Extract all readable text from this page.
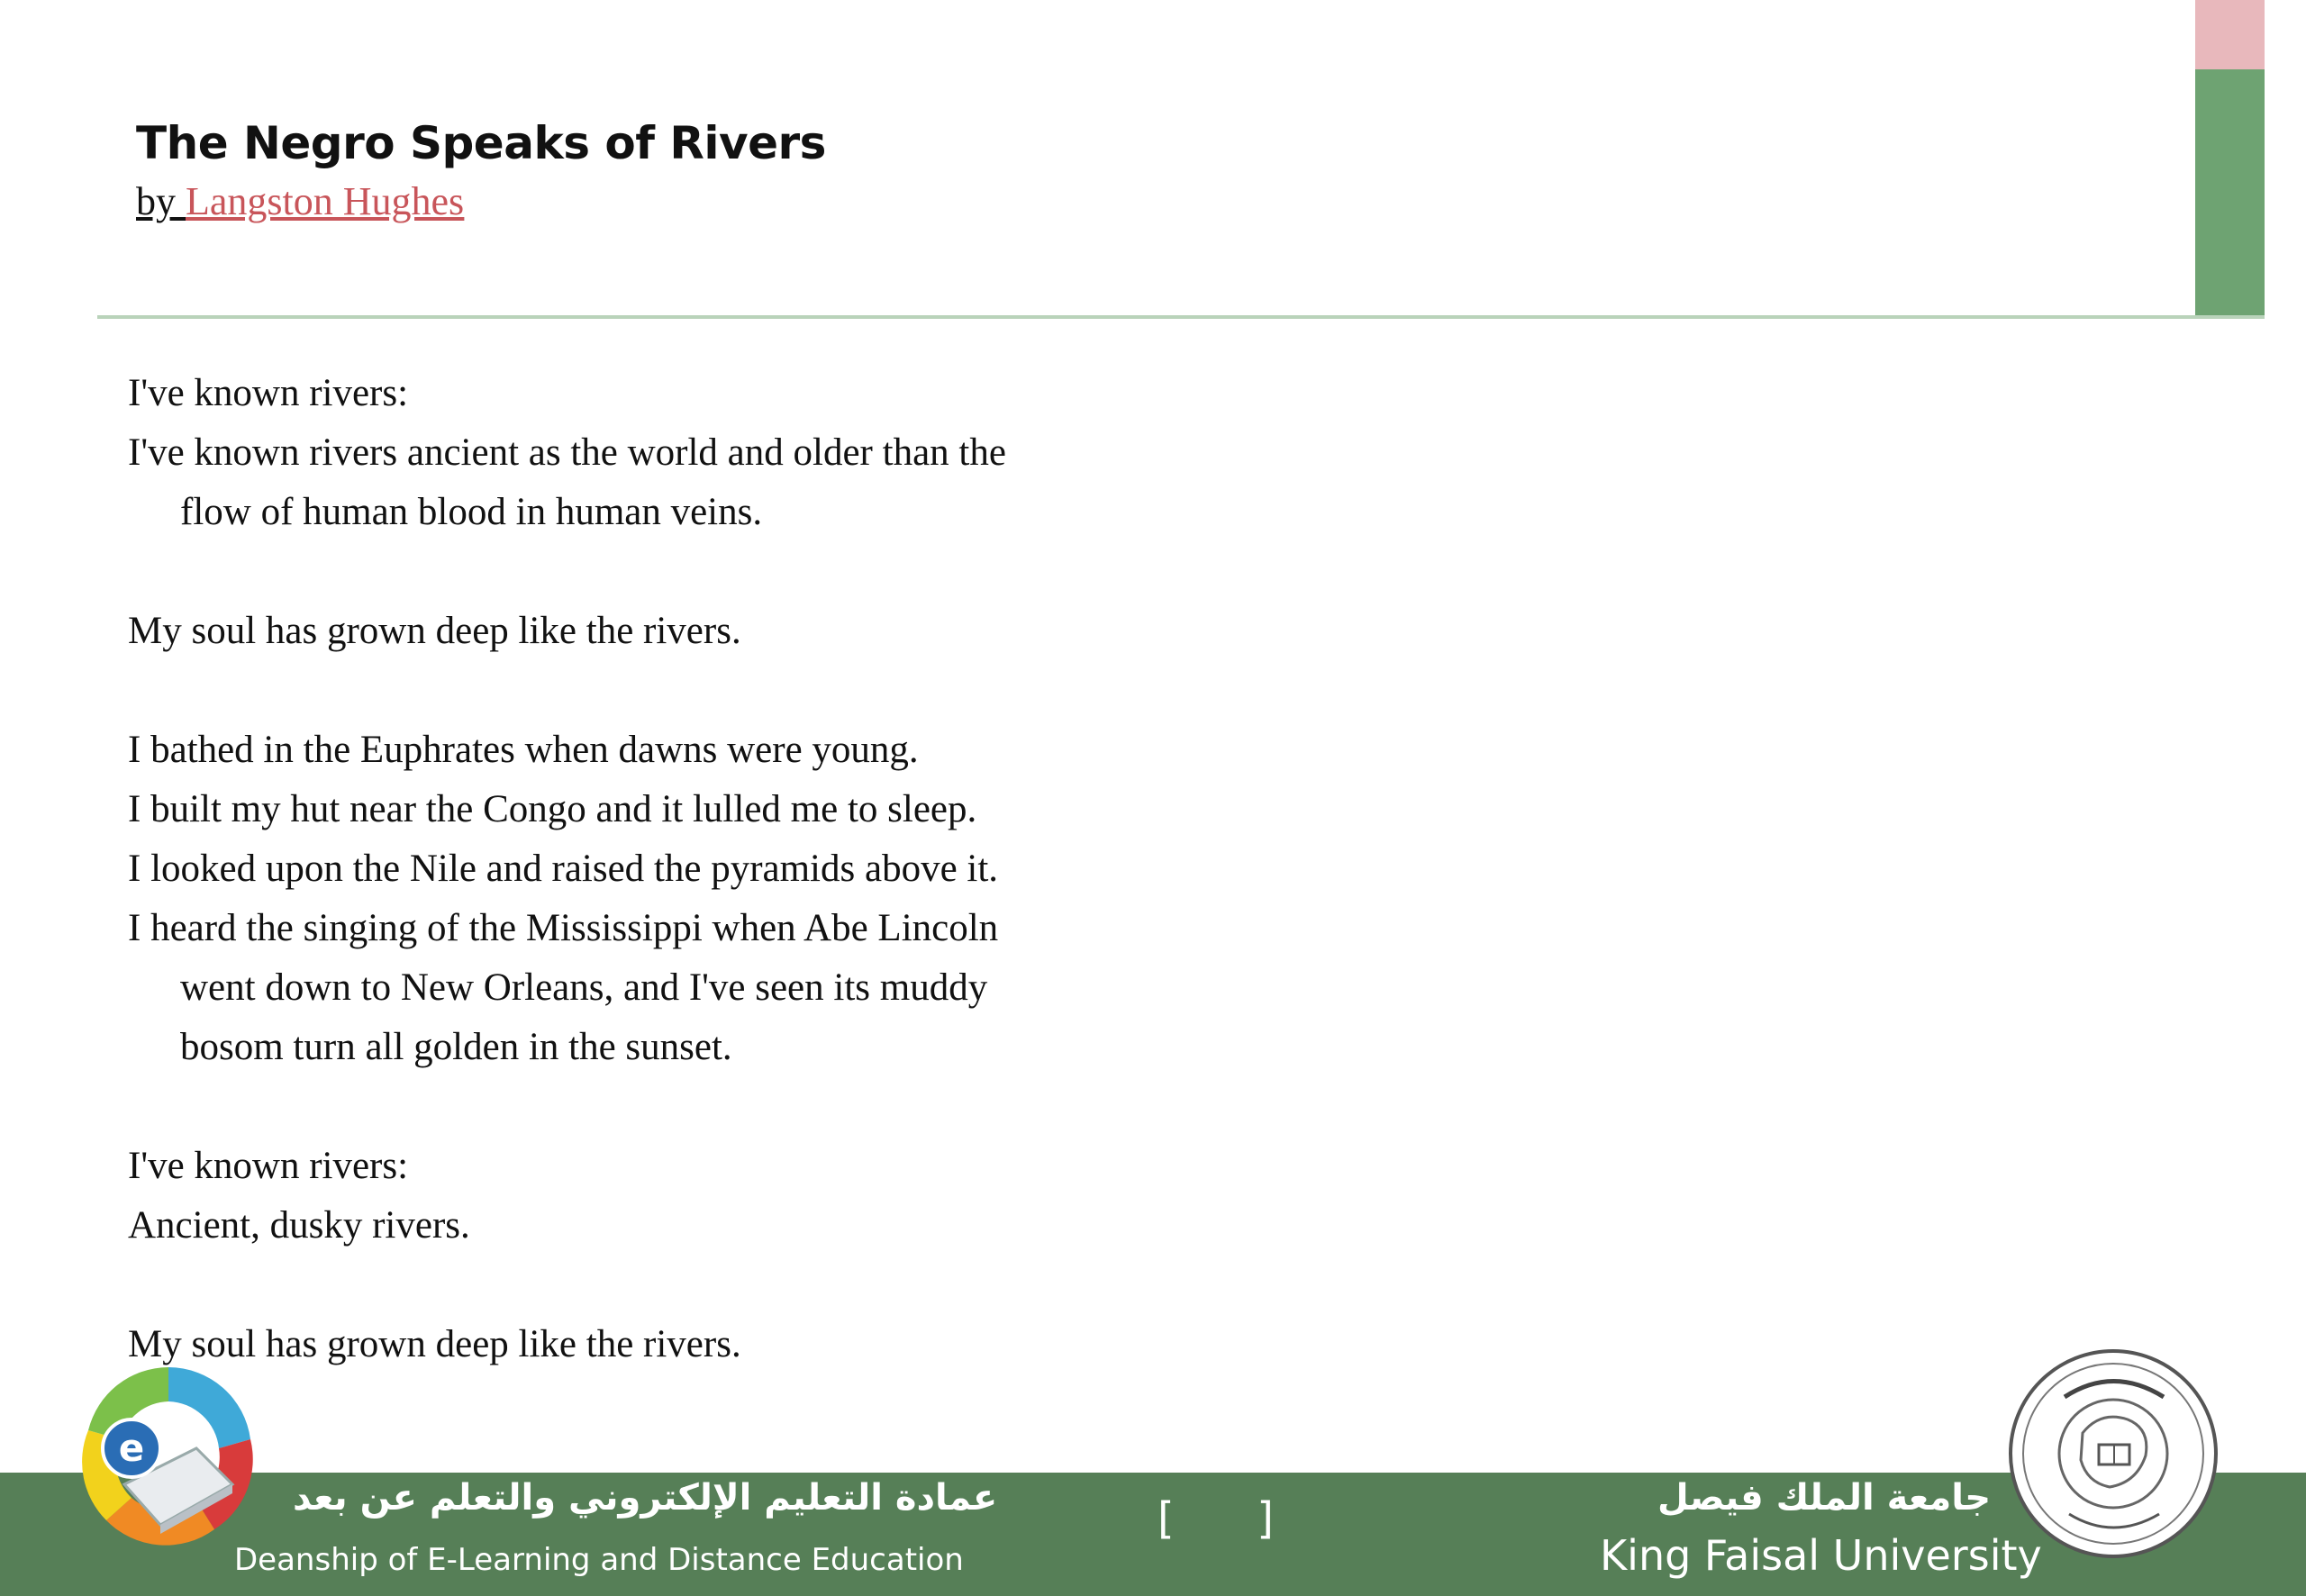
The Negro Speaks of Rivers
by Langston Hughes
I've known rivers:
I've known rivers ancient as the world and older than the
flow of human blood in human veins.
My soul has grown deep like the rivers.
I bathed in the Euphrates when dawns were young.
I built my hut near the Congo and it lulled me to sleep.
I looked upon the Nile and raised the pyramids above it.
I heard the singing of the Mississippi when Abe Lincoln
went down to New Orleans, and I've seen its muddy
bosom turn all golden in the sunset.
I've known rivers:
Ancient, dusky rivers.
My soul has grown deep like the rivers.
عمادة التعليم الإلكتروني والتعلم عن بعد
Deanship of E-Learning and Distance Education
[      ]	جامعة الملك فيصل
King Faisal University
e
